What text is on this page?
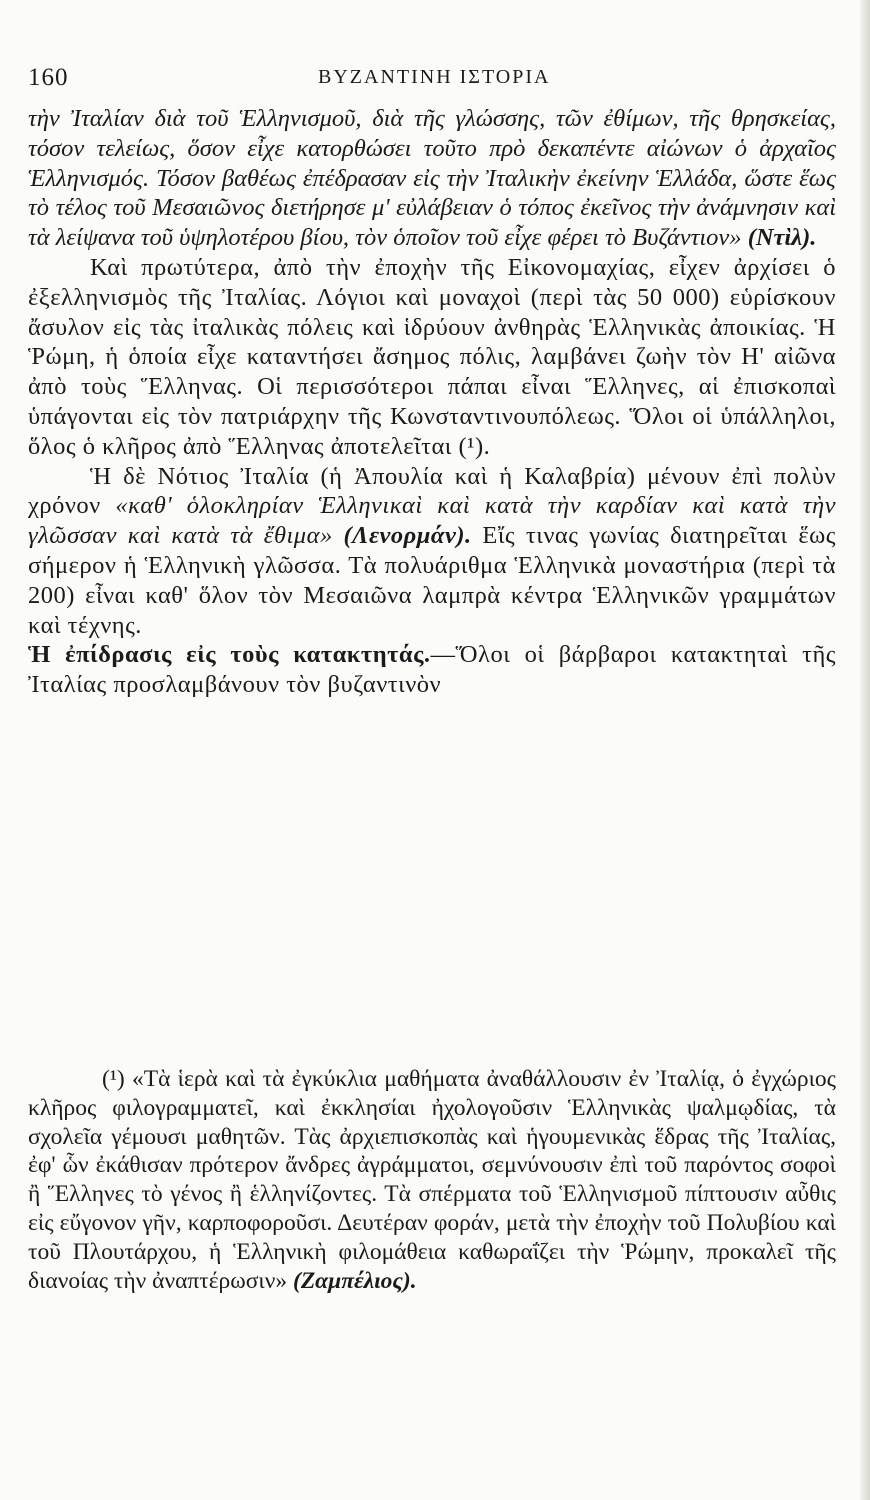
160	ΒΥΖΑΝΤΙΝΗ ΙΣΤΟΡΙΑ

τὴν Ἰταλίαν διὰ τοῦ Ἑλληνισμοῦ, διὰ τῆς γλώσσης, τῶν ἐθίμων, τῆς θρησκείας, τόσον τελείως, ὅσον εἶχε κατορθώσει τοῦτο πρὸ δεκαπέντε αἰώνων ὁ ἀρχαῖος Ἑλληνισμός. Τόσον βαθέως ἐπέδρασαν εἰς τὴν Ἰταλικὴν ἐκείνην Ἑλλάδα, ὥστε ἕως τὸ τέλος τοῦ Μεσαιῶνος διετήρησε μ' εὐλάβειαν ὁ τόπος ἐκεῖνος τὴν ἀνάμνησιν καὶ τὰ λείψανα τοῦ ὑψηλοτέρου βίου, τὸν ὁποῖον τοῦ εἶχε φέρει τὸ Βυζάντιον» (Ντὶλ).

Καὶ πρωτύτερα, ἀπὸ τὴν ἐποχὴν τῆς Εἰκονομαχίας, εἶχεν ἀρχίσει ὁ ἐξελληνισμὸς τῆς Ἰταλίας. Λόγιοι καὶ μοναχοὶ (περὶ τὰς 50 000) εὑρίσκουν ἄσυλον εἰς τὰς ἰταλικὰς πόλεις καὶ ἱδρύουν ἀνθηρὰς Ἑλληνικὰς ἀποικίας. Ἡ Ῥώμη, ἡ ὁποία εἶχε καταντήσει ἄσημος πόλις, λαμβάνει ζωὴν τὸν Η' αἰῶνα ἀπὸ τοὺς Ἕλληνας. Οἱ περισσότεροι πάπαι εἶναι Ἕλληνες, αἱ ἐπισκοπαὶ ὑπάγονται εἰς τὸν πατριάρχην τῆς Κωνσταντινουπόλεως. Ὅλοι οἱ ὑπάλληλοι, ὅλος ὁ κλῆρος ἀπὸ Ἕλληνας ἀποτελεῖται (¹).

Ἡ δὲ Νότιος Ἰταλία (ἡ Ἀπουλία καὶ ἡ Καλαβρία) μένουν ἐπὶ πολὺν χρόνον «καθ' ὁλοκληρίαν Ἑλληνικαὶ καὶ κατὰ τὴν καρδίαν καὶ κατὰ τὴν γλῶσσαν καὶ κατὰ τὰ ἔθιμα» (Λενορμάν). Εἴς τινας γωνίας διατηρεῖται ἕως σήμερον ἡ Ἑλληνικὴ γλῶσσα. Τὰ πολυάριθμα Ἑλληνικὰ μοναστήρια (περὶ τὰ 200) εἶναι καθ' ὅλον τὸν Μεσαιῶνα λαμπρὰ κέντρα Ἑλληνικῶν γραμμάτων καὶ τέχνης.

Ἡ ἐπίδρασις εἰς τοὺς κατακτητάς.—Ὅλοι οἱ βάρβαροι κατακτηταὶ τῆς Ἰταλίας προσλαμβάνουν τὸν βυζαντινὸν

(¹) «Τὰ ἱερὰ καὶ τὰ ἐγκύκλια μαθήματα ἀναθάλλουσιν ἐν Ἰταλίᾳ, ὁ ἐγχώριος κλῆρος φιλογραμματεῖ, καὶ ἐκκλησίαι ἠχολογοῦσιν Ἑλληνικὰς ψαλμῳδίας, τὰ σχολεῖα γέμουσι μαθητῶν. Τὰς ἀρχιεπισκοπὰς καὶ ἡγουμενικὰς ἕδρας τῆς Ἰταλίας, ἐφ' ὧν ἐκάθισαν πρότερον ἄνδρες ἀγράμματοι, σεμνύνουσιν ἐπὶ τοῦ παρόντος σοφοὶ ἢ Ἕλληνες τὸ γένος ἢ ἑλληνίζοντες. Τὰ σπέρματα τοῦ Ἑλληνισμοῦ πίπτουσιν αὖθις εἰς εὔγονον γῆν, καρποφοροῦσι. Δευτέραν φοράν, μετὰ τὴν ἐποχὴν τοῦ Πολυβίου καὶ τοῦ Πλουτάρχου, ἡ Ἑλληνικὴ φιλομάθεια καθωραΐζει τὴν Ῥώμην, προκαλεῖ τῆς διανοίας τὴν ἀναπτέρωσιν» (Ζαμπέλιος).
